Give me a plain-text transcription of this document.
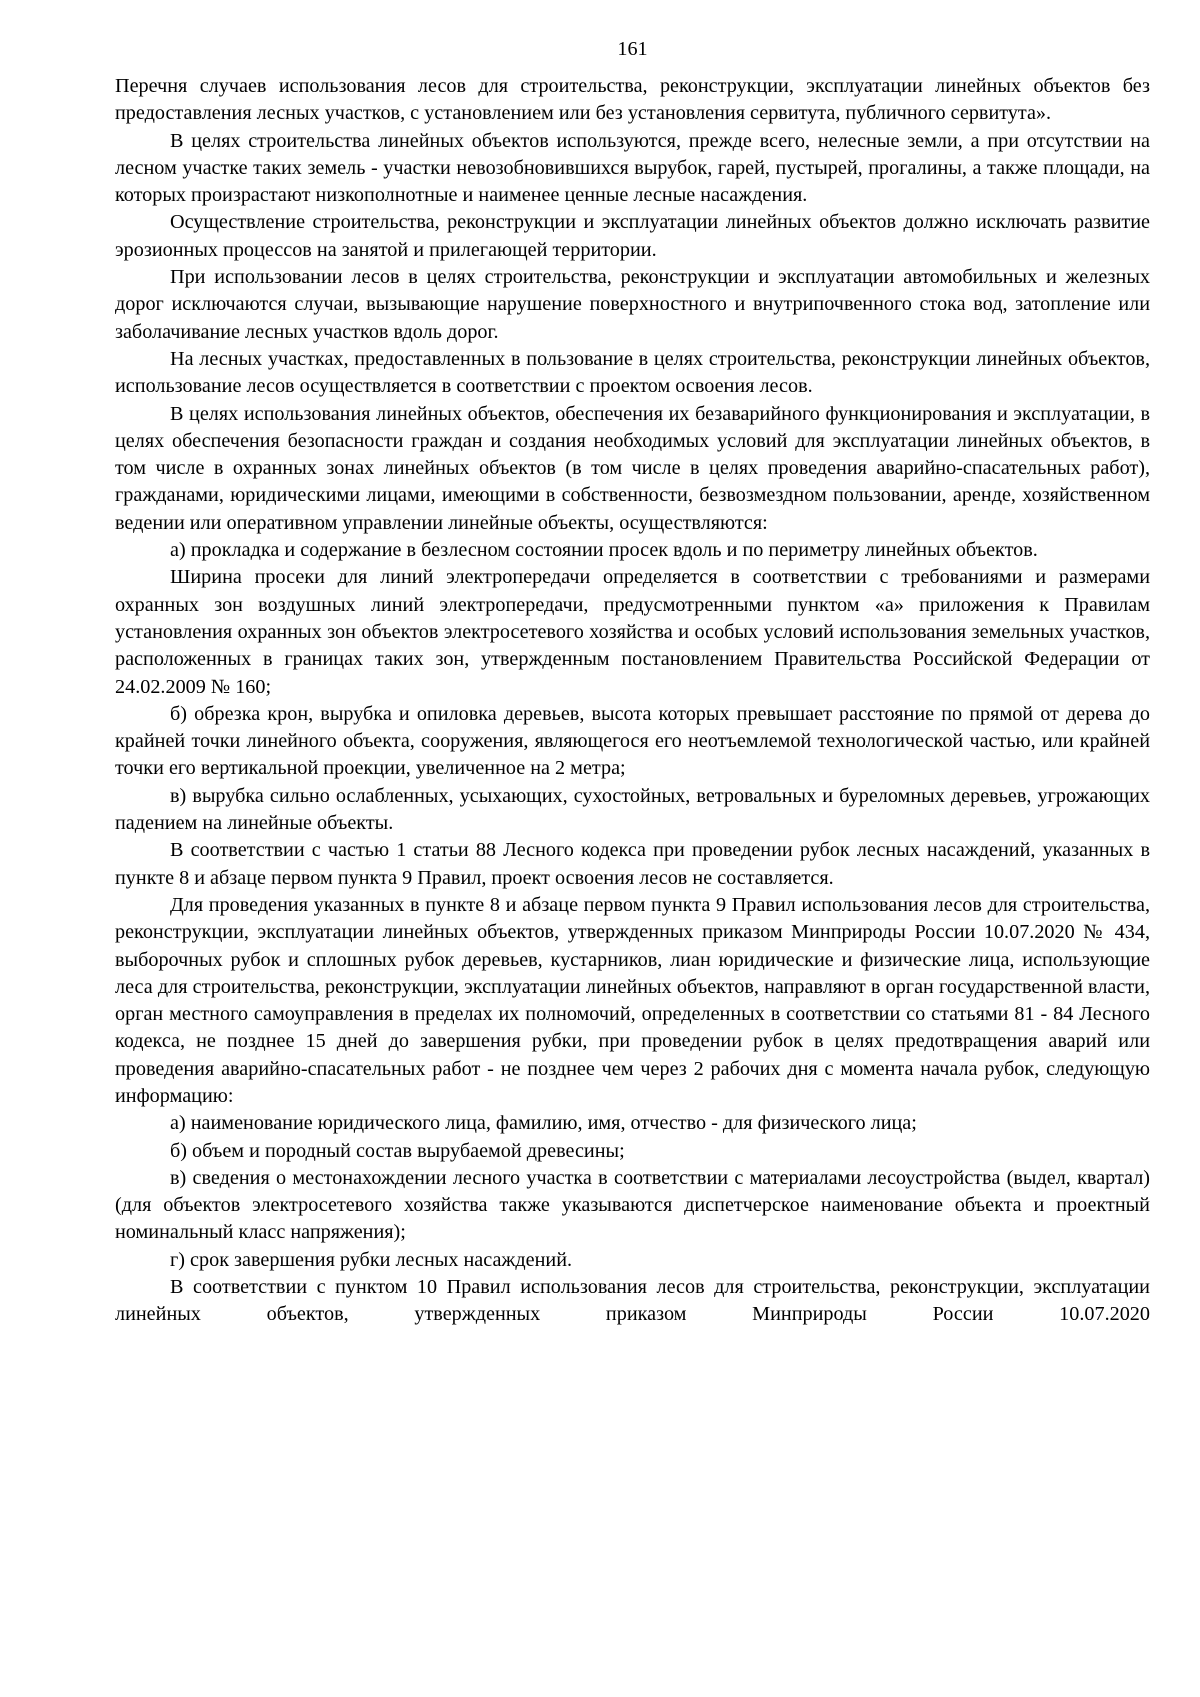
161

Перечня случаев использования лесов для строительства, реконструкции, эксплуатации линейных объектов без предоставления лесных участков, с установлением или без установления сервитута, публичного сервитута».

В целях строительства линейных объектов используются, прежде всего, нелесные земли, а при отсутствии на лесном участке таких земель - участки невозобновившихся вырубок, гарей, пустырей, прогалины, а также площади, на которых произрастают низкополнотные и наименее ценные лесные насаждения.

Осуществление строительства, реконструкции и эксплуатации линейных объектов должно исключать развитие эрозионных процессов на занятой и прилегающей территории.

При использовании лесов в целях строительства, реконструкции и эксплуатации автомобильных и железных дорог исключаются случаи, вызывающие нарушение поверхностного и внутрипочвенного стока вод, затопление или заболачивание лесных участков вдоль дорог.

На лесных участках, предоставленных в пользование в целях строительства, реконструкции линейных объектов, использование лесов осуществляется в соответствии с проектом освоения лесов.

В целях использования линейных объектов, обеспечения их безаварийного функционирования и эксплуатации, в целях обеспечения безопасности граждан и создания необходимых условий для эксплуатации линейных объектов, в том числе в охранных зонах линейных объектов (в том числе в целях проведения аварийно-спасательных работ), гражданами, юридическими лицами, имеющими в собственности, безвозмездном пользовании, аренде, хозяйственном ведении или оперативном управлении линейные объекты, осуществляются:

а) прокладка и содержание в безлесном состоянии просек вдоль и по периметру линейных объектов.

Ширина просеки для линий электропередачи определяется в соответствии с требованиями и размерами охранных зон воздушных линий электропередачи, предусмотренными пунктом «а» приложения к Правилам установления охранных зон объектов электросетевого хозяйства и особых условий использования земельных участков, расположенных в границах таких зон, утвержденным постановлением Правительства Российской Федерации от 24.02.2009 № 160;

б) обрезка крон, вырубка и опиловка деревьев, высота которых превышает расстояние по прямой от дерева до крайней точки линейного объекта, сооружения, являющегося его неотъемлемой технологической частью, или крайней точки его вертикальной проекции, увеличенное на 2 метра;

в) вырубка сильно ослабленных, усыхающих, сухостойных, ветровальных и буреломных деревьев, угрожающих падением на линейные объекты.

В соответствии с частью 1 статьи 88 Лесного кодекса при проведении рубок лесных насаждений, указанных в пункте 8 и абзаце первом пункта 9 Правил, проект освоения лесов не составляется.

Для проведения указанных в пункте 8 и абзаце первом пункта 9 Правил использования лесов для строительства, реконструкции, эксплуатации линейных объектов, утвержденных приказом Минприроды России 10.07.2020 № 434, выборочных рубок и сплошных рубок деревьев, кустарников, лиан юридические и физические лица, использующие леса для строительства, реконструкции, эксплуатации линейных объектов, направляют в орган государственной власти, орган местного самоуправления в пределах их полномочий, определенных в соответствии со статьями 81 - 84 Лесного кодекса, не позднее 15 дней до завершения рубки, при проведении рубок в целях предотвращения аварий или проведения аварийно-спасательных работ - не позднее чем через 2 рабочих дня с момента начала рубок, следующую информацию:

а) наименование юридического лица, фамилию, имя, отчество - для физического лица;

б) объем и породный состав вырубаемой древесины;

в) сведения о местонахождении лесного участка в соответствии с материалами лесоустройства (выдел, квартал) (для объектов электросетевого хозяйства также указываются диспетчерское наименование объекта и проектный номинальный класс напряжения);

г) срок завершения рубки лесных насаждений.

В соответствии с пунктом 10 Правил использования лесов для строительства, реконструкции, эксплуатации линейных объектов, утвержденных приказом Минприроды России 10.07.2020
